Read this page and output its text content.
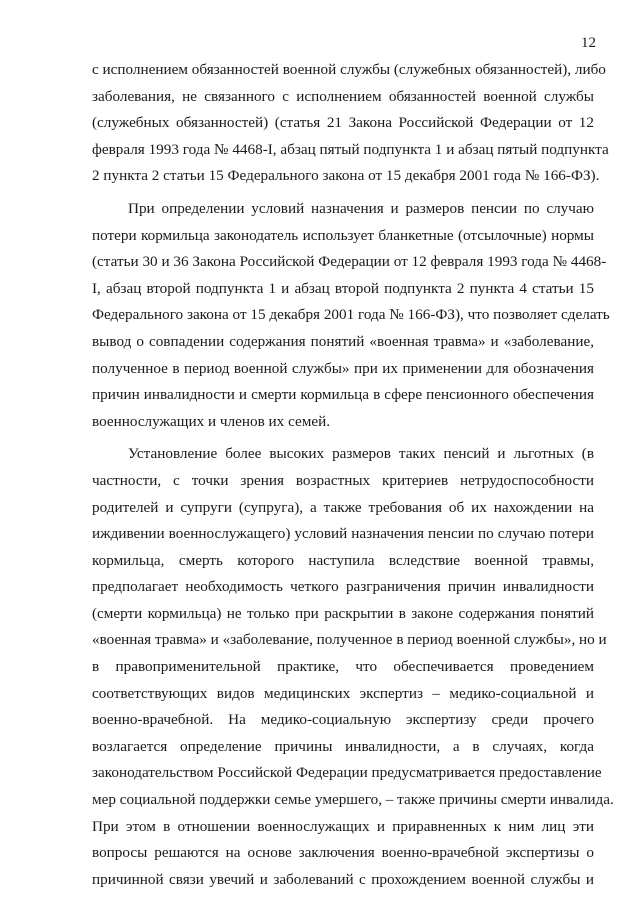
12
с исполнением обязанностей военной службы (служебных обязанностей), либо
заболевания, не связанного с исполнением обязанностей военной службы
(служебных обязанностей) (статья 21 Закона Российской Федерации от 12
февраля 1993 года № 4468-I, абзац пятый подпункта 1 и абзац пятый подпункта
2 пункта 2 статьи 15 Федерального закона от 15 декабря 2001 года № 166-ФЗ).
При определении условий назначения и размеров пенсии по случаю
потери кормильца законодатель использует бланкетные (отсылочные) нормы
(статьи 30 и 36 Закона Российской Федерации от 12 февраля 1993 года № 4468-
I, абзац второй подпункта 1 и абзац второй подпункта 2 пункта 4 статьи 15
Федерального закона от 15 декабря 2001 года № 166-ФЗ), что позволяет сделать
вывод о совпадении содержания понятий «военная травма» и «заболевание,
полученное в период военной службы» при их применении для обозначения
причин инвалидности и смерти кормильца в сфере пенсионного обеспечения
военнослужащих и членов их семей.
Установление более высоких размеров таких пенсий и льготных (в
частности, с точки зрения возрастных критериев нетрудоспособности
родителей и супруги (супруга), а также требования об их нахождении на
иждивении военнослужащего) условий назначения пенсии по случаю потери
кормильца, смерть которого наступила вследствие военной травмы,
предполагает необходимость четкого разграничения причин инвалидности
(смерти кормильца) не только при раскрытии в законе содержания понятий
«военная травма» и «заболевание, полученное в период военной службы», но и
в правоприменительной практике, что обеспечивается проведением
соответствующих видов медицинских экспертиз – медико-социальной и
военно-врачебной. На медико-социальную экспертизу среди прочего
возлагается определение причины инвалидности, а в случаях, когда
законодательством Российской Федерации предусматривается предоставление
мер социальной поддержки семье умершего, – также причины смерти инвалида.
При этом в отношении военнослужащих и приравненных к ним лиц эти
вопросы решаются на основе заключения военно-врачебной экспертизы о
причинной связи увечий и заболеваний с прохождением военной службы и
